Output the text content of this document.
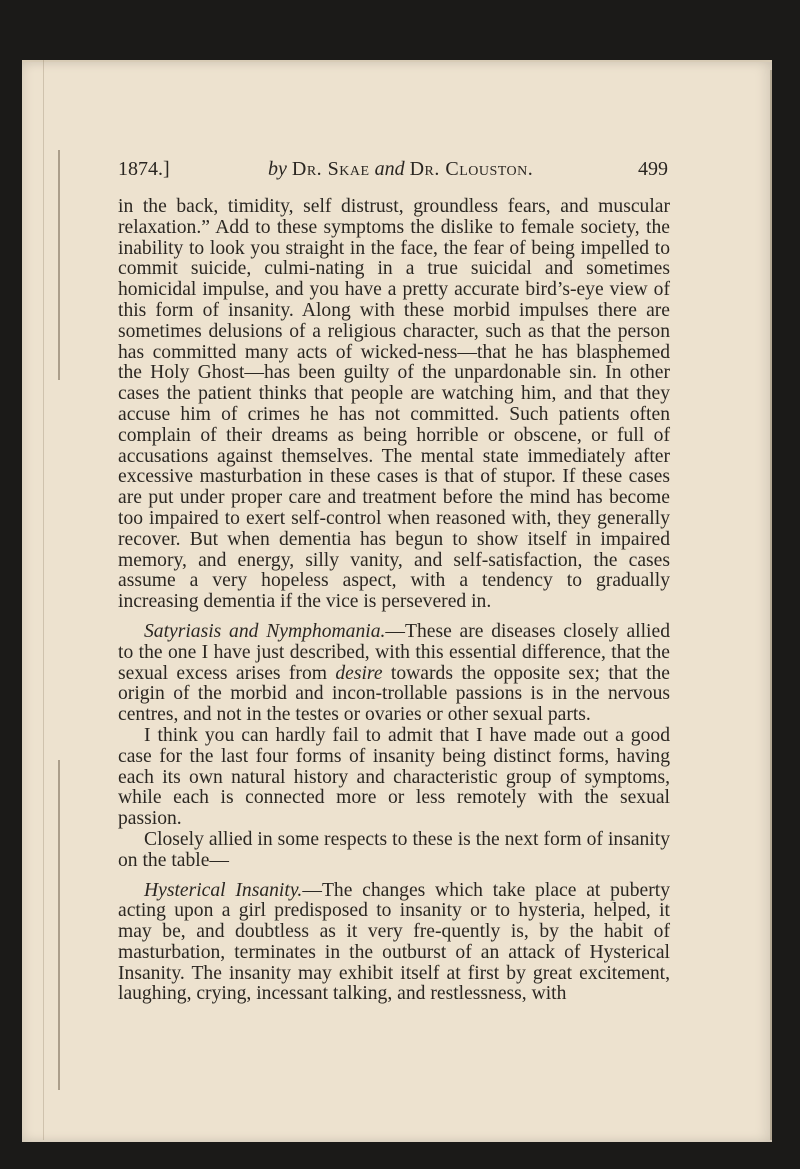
1874.]	by Dr. Skae and Dr. Clouston.	499

in the back, timidity, self distrust, groundless fears, and muscular relaxation.” Add to these symptoms the dislike to female society, the inability to look you straight in the face, the fear of being impelled to commit suicide, culmi-nating in a true suicidal and sometimes homicidal impulse, and you have a pretty accurate bird’s-eye view of this form of insanity. Along with these morbid impulses there are sometimes delusions of a religious character, such as that the person has committed many acts of wicked-ness—that he has blasphemed the Holy Ghost—has been guilty of the unpardonable sin. In other cases the patient thinks that people are watching him, and that they accuse him of crimes he has not committed. Such patients often complain of their dreams as being horrible or obscene, or full of accusations against themselves. The mental state immediately after excessive masturbation in these cases is that of stupor. If these cases are put under proper care and treatment before the mind has become too impaired to exert self-control when reasoned with, they generally recover. But when dementia has begun to show itself in impaired memory, and energy, silly vanity, and self-satisfaction, the cases assume a very hopeless aspect, with a tendency to gradually increasing dementia if the vice is persevered in.

Satyriasis and Nymphomania.—These are diseases closely allied to the one I have just described, with this essential difference, that the sexual excess arises from desire towards the opposite sex; that the origin of the morbid and incon-trollable passions is in the nervous centres, and not in the testes or ovaries or other sexual parts.

I think you can hardly fail to admit that I have made out a good case for the last four forms of insanity being distinct forms, having each its own natural history and characteristic group of symptoms, while each is connected more or less remotely with the sexual passion.

Closely allied in some respects to these is the next form of insanity on the table—

Hysterical Insanity.—The changes which take place at puberty acting upon a girl predisposed to insanity or to hysteria, helped, it may be, and doubtless as it very fre-quently is, by the habit of masturbation, terminates in the outburst of an attack of Hysterical Insanity. The insanity may exhibit itself at first by great excitement, laughing, crying, incessant talking, and restlessness, with
